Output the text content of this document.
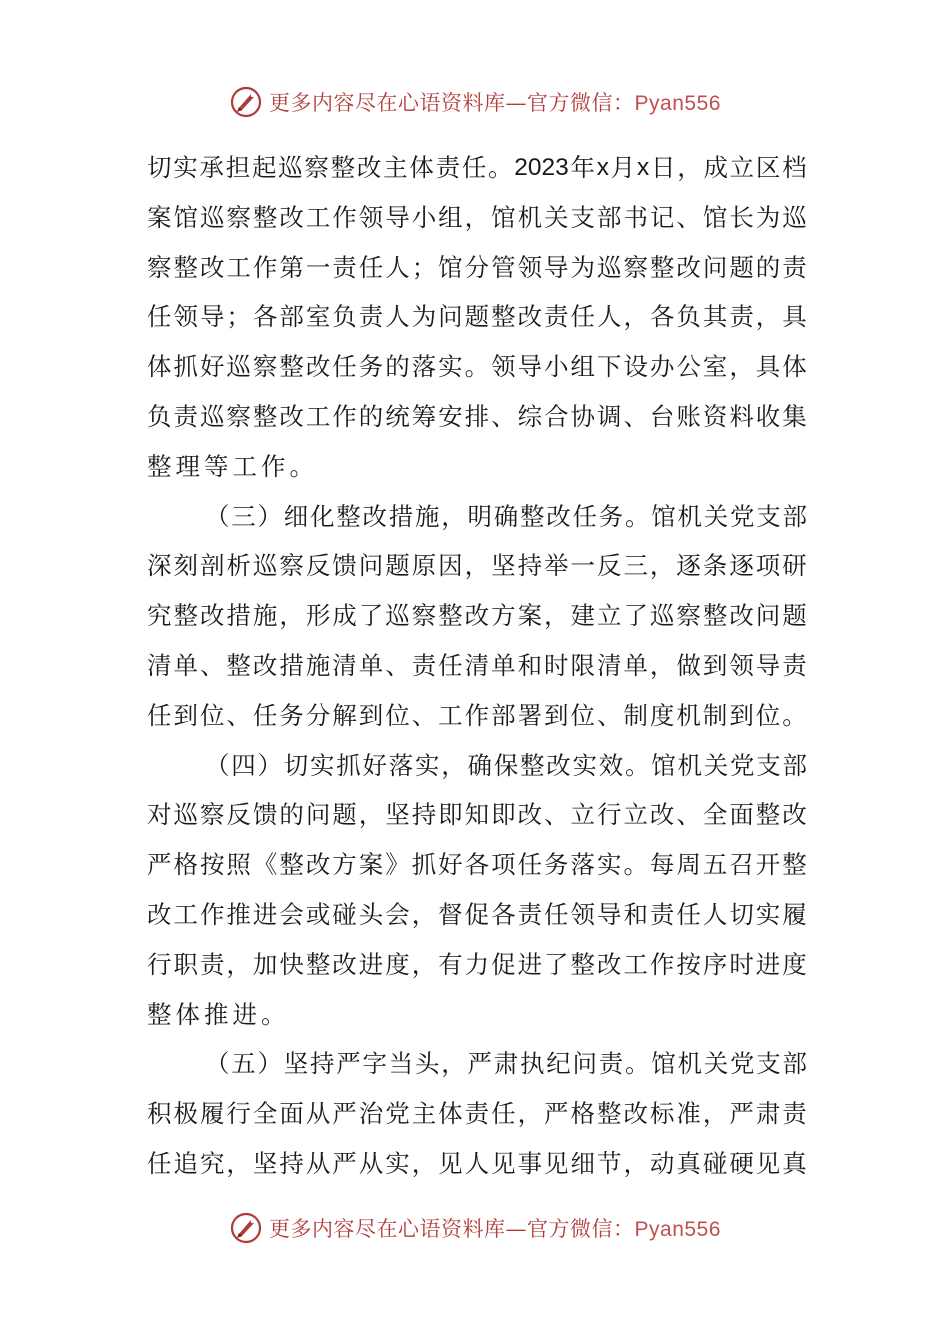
更多内容尽在心语资料库—官方微信：Pyan556
切 实 承 担 起 巡 察 整 改 主 体 责 任 。 2023 年 x 月 x 日 ， 成 立 区 档
案 馆 巡 察 整 改 工 作 领 导 小 组 ， 馆 机 关 支 部 书 记 、 馆 长 为 巡
察 整 改 工 作 第 一 责 任 人 ； 馆 分 管 领 导 为 巡 察 整 改 问 题 的 责
任 领 导 ； 各 部 室 负 责 人 为 问 题 整 改 责 任 人 ， 各 负 其 责 ， 具
体 抓 好 巡 察 整 改 任 务 的 落 实 。 领 导 小 组 下 设 办 公 室 ， 具 体
负 责 巡 察 整 改 工 作 的 统 筹 安 排 、 综 合 协 调 、 台 账 资 料 收 集
整理等工作。
（ 三 ） 细 化 整 改 措 施 ， 明 确 整 改 任 务 。 馆 机 关 党 支 部
深 刻 剖 析 巡 察 反 馈 问 题 原 因 ， 坚 持 举 一 反 三 ， 逐 条 逐 项 研
究 整 改 措 施 ， 形 成 了 巡 察 整 改 方 案 ， 建 立 了 巡 察 整 改 问 题
清 单 、 整 改 措 施 清 单 、 责 任 清 单 和 时 限 清 单 ， 做 到 领 导 责
任 到 位 、 任 务 分 解 到 位 、 工 作 部 署 到 位 、 制 度 机 制 到 位 。
（ 四 ） 切 实 抓 好 落 实 ， 确 保 整 改 实 效 。 馆 机 关 党 支 部
对 巡 察 反 馈 的 问 题 ， 坚 持 即 知 即 改 、 立 行 立 改 、 全 面 整 改
严 格 按 照 《 整 改 方 案 》 抓 好 各 项 任 务 落 实 。 每 周 五 召 开 整
改 工 作 推 进 会 或 碰 头 会 ， 督 促 各 责 任 领 导 和 责 任 人 切 实 履
行 职 责 ， 加 快 整 改 进 度 ， 有 力 促 进 了 整 改 工 作 按 序 时 进 度
整体推进。
（ 五 ） 坚 持 严 字 当 头 ， 严 肃 执 纪 问 责 。 馆 机 关 党 支 部
积 极 履 行 全 面 从 严 治 党 主 体 责 任 ， 严 格 整 改 标 准 ， 严 肃 责
任 追 究 ， 坚 持 从 严 从 实 ， 见 人 见 事 见 细 节 ， 动 真 碰 硬 见 真
更多内容尽在心语资料库—官方微信：Pyan556
